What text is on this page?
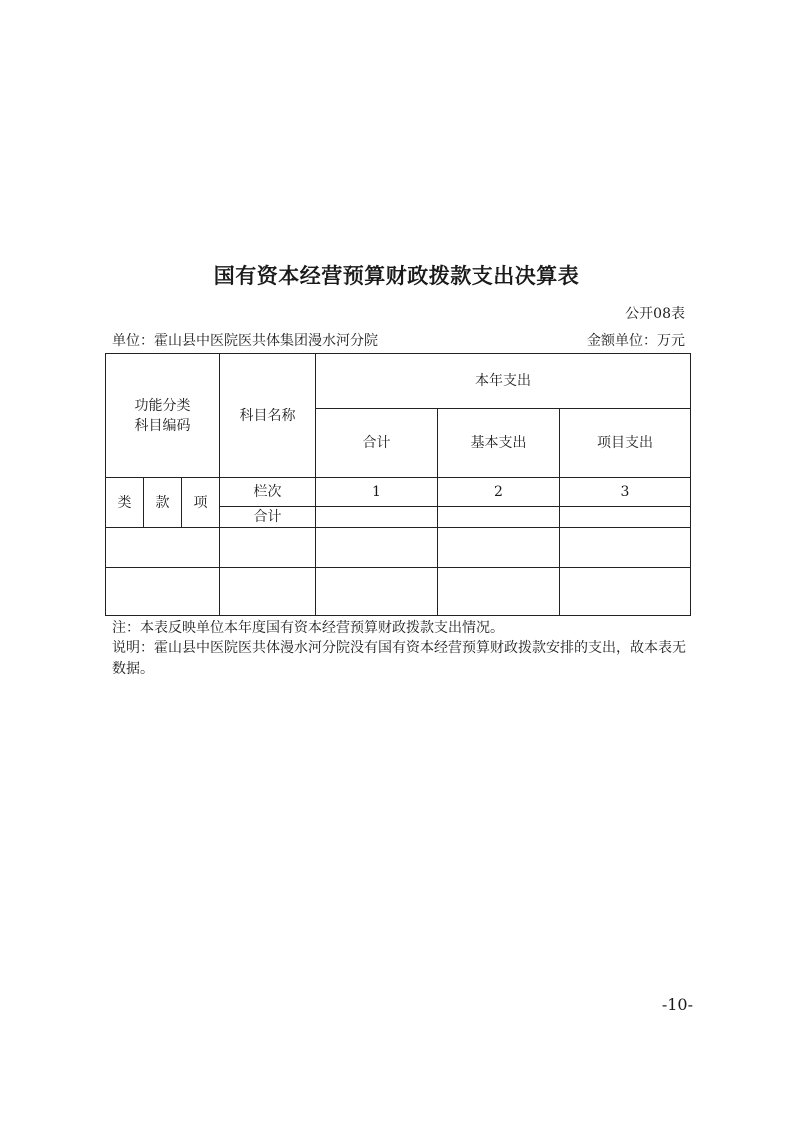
国有资本经营预算财政拨款支出决算表
公开08表
单位：霍山县中医院医共体集团漫水河分院	金额单位：万元
功能分类
科目编码			科目名称	本年支出		
				合计	基本支出	项目支出
类	款	项	栏次	1	2	3
			合计			

注：本表反映单位本年度国有资本经营预算财政拨款支出情况。
说明：霍山县中医院医共体漫水河分院没有国有资本经营预算财政拨款安排的支出，故本表无数据。
-10-
